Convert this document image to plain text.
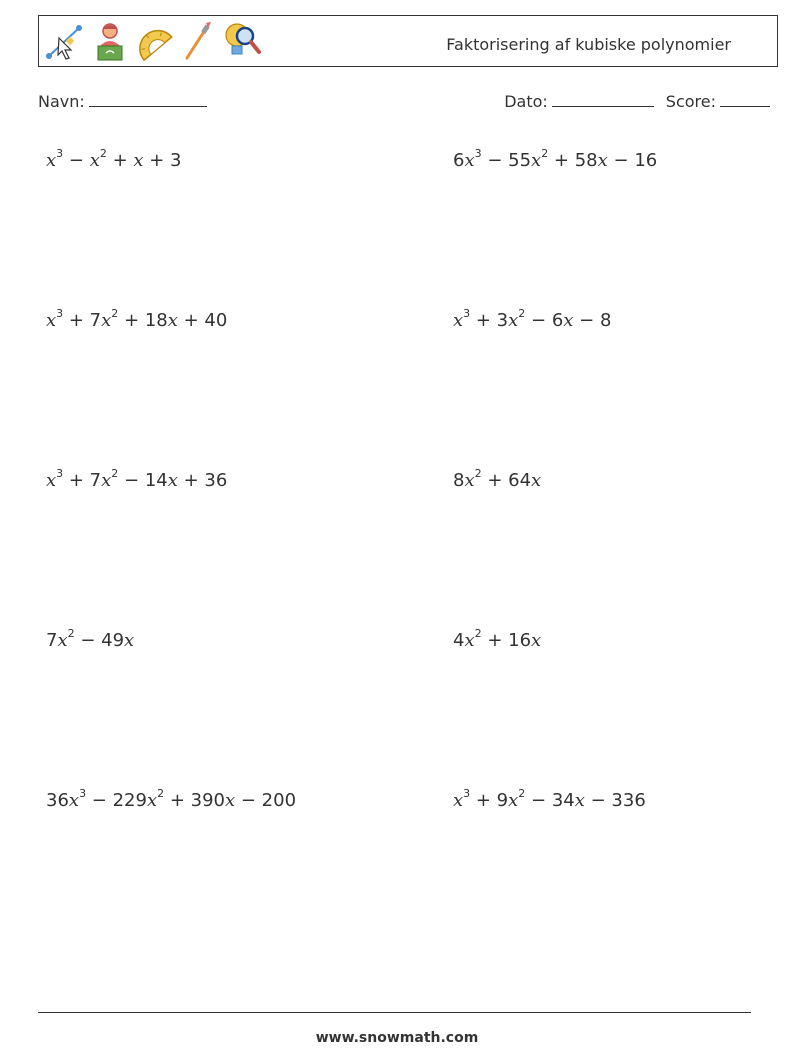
Faktorisering af kubiske polynomier
Navn:	Dato:	Score:
$x^3 - x^2 + x + 3$	$6x^3 - 55x^2 + 58x - 16$
$x^3 + 7x^2 + 18x + 40$	$x^3 + 3x^2 - 6x - 8$
$x^3 + 7x^2 - 14x + 36$	$8x^2 + 64x$
$7x^2 - 49x$	$4x^2 + 16x$
$36x^3 - 229x^2 + 390x - 200$	$x^3 + 9x^2 - 34x - 336$
www.snowmath.com
